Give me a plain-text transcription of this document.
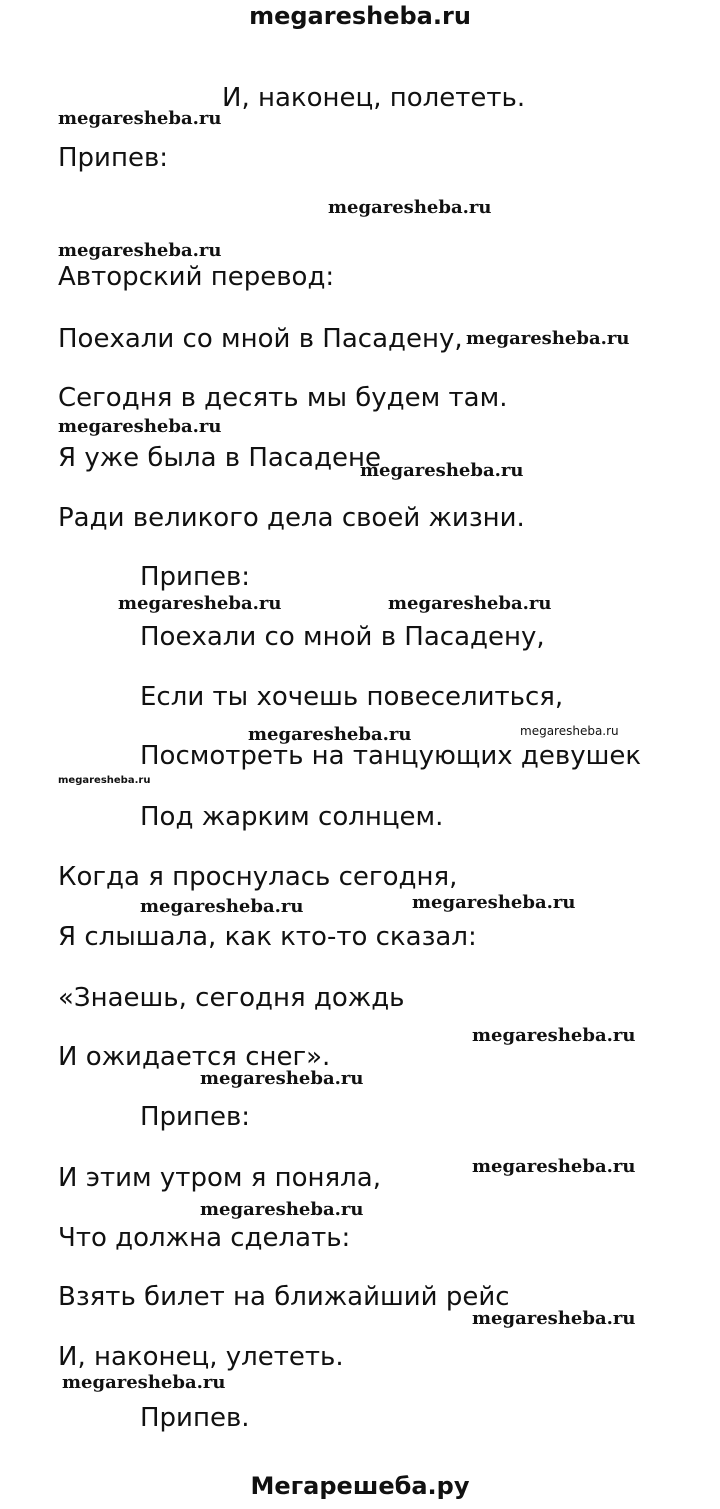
megaresheba.ru
И, наконец, полететь.
Припев:
Авторский перевод:
Поехали со мной в Пасадену,
Сегодня в десять мы будем там.
Я уже была в Пасадене
Ради великого дела своей жизни.
Припев:
Поехали со мной в Пасадену,
Если ты хочешь повеселиться,
Посмотреть на танцующих девушек
Под жарким солнцем.
Когда я проснулась сегодня,
Я слышала, как кто-то сказал:
«Знаешь, сегодня дождь
И ожидается снег».
Припев:
И этим утром я поняла,
Что должна сделать:
Взять билет на ближайший рейс
И, наконец, улететь.
Припев.
megaresheba.ru
megaresheba.ru
megaresheba.ru
megaresheba.ru
megaresheba.ru
megaresheba.ru
megaresheba.ru	megaresheba.ru
megaresheba.ru	megaresheba.ru
megaresheba.ru
megaresheba.ru	megaresheba.ru
megaresheba.ru
megaresheba.ru
megaresheba.ru
megaresheba.ru
megaresheba.ru
megaresheba.ru
Мегарешеба.ру
